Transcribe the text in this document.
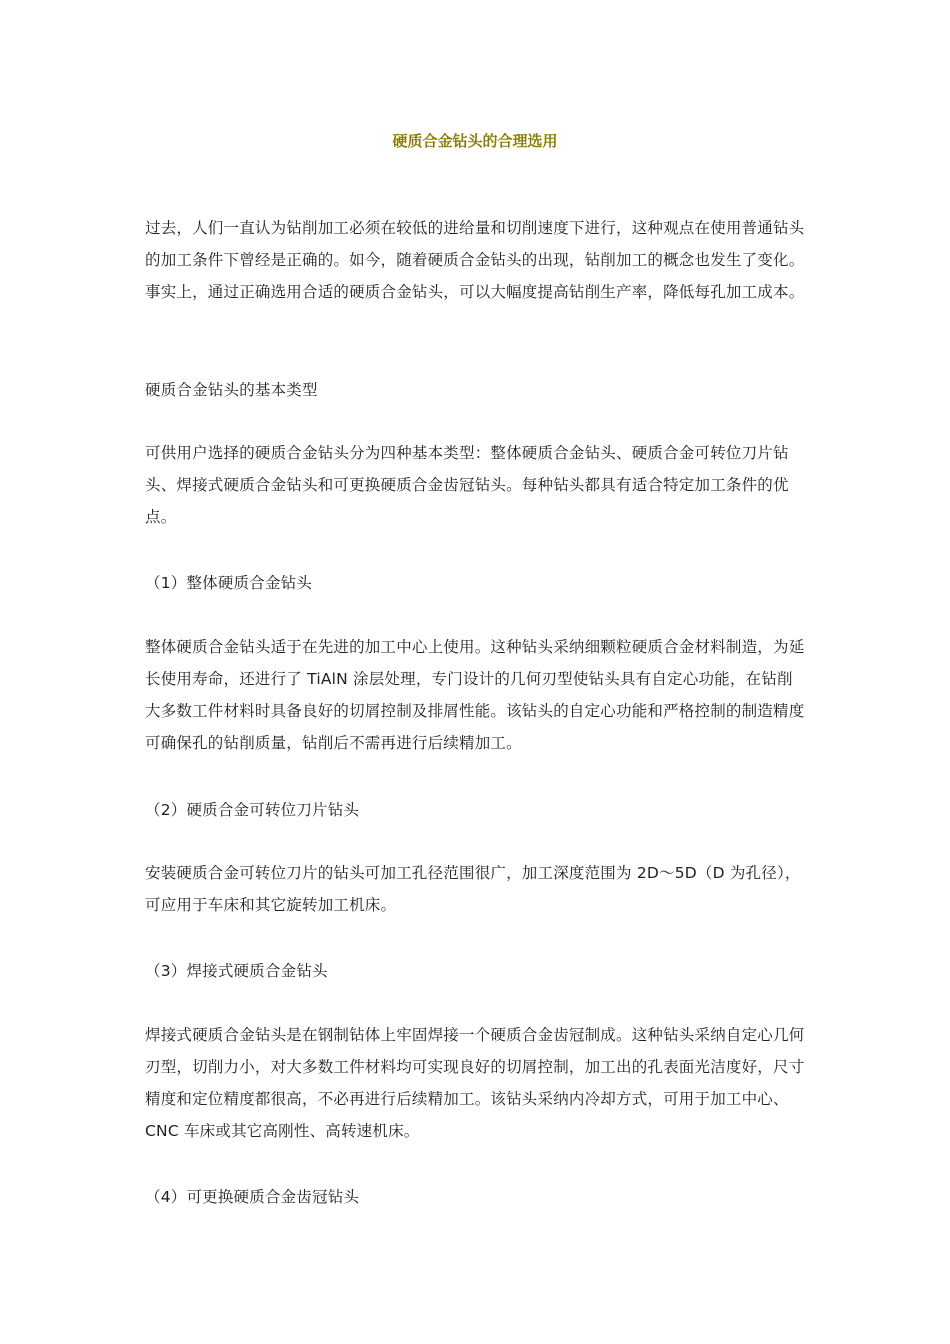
硬质合金钻头的合理选用

过去，人们一直认为钻削加工必须在较低的进给量和切削速度下进行，这种观点在使用普通钻头的加工条件下曾经是正确的。如今，随着硬质合金钻头的出现，钻削加工的概念也发生了变化。事实上，通过正确选用合适的硬质合金钻头，可以大幅度提高钻削生产率，降低每孔加工成本。

硬质合金钻头的基本类型

可供用户选择的硬质合金钻头分为四种基本类型：整体硬质合金钻头、硬质合金可转位刀片钻头、焊接式硬质合金钻头和可更换硬质合金齿冠钻头。每种钻头都具有适合特定加工条件的优点。

（1）整体硬质合金钻头

整体硬质合金钻头适于在先进的加工中心上使用。这种钻头采纳细颗粒硬质合金材料制造，为延长使用寿命，还进行了 TiAlN 涂层处理，专门设计的几何刃型使钻头具有自定心功能，在钻削大多数工件材料时具备良好的切屑控制及排屑性能。该钻头的自定心功能和严格控制的制造精度可确保孔的钻削质量，钻削后不需再进行后续精加工。

（2）硬质合金可转位刀片钻头

安装硬质合金可转位刀片的钻头可加工孔径范围很广，加工深度范围为 2D～5D（D 为孔径），可应用于车床和其它旋转加工机床。

（3）焊接式硬质合金钻头

焊接式硬质合金钻头是在钢制钻体上牢固焊接一个硬质合金齿冠制成。这种钻头采纳自定心几何刃型，切削力小，对大多数工件材料均可实现良好的切屑控制，加工出的孔表面光洁度好，尺寸精度和定位精度都很高，不必再进行后续精加工。该钻头采纳内冷却方式，可用于加工中心、CNC 车床或其它高刚性、高转速机床。

（4）可更换硬质合金齿冠钻头
